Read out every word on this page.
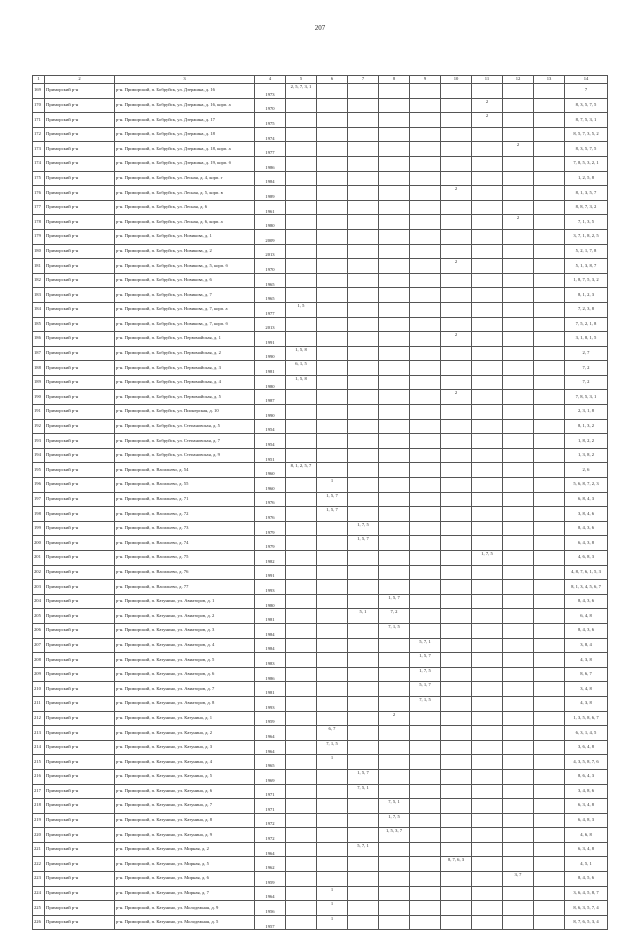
207
1	2	3	4	5	6	7	8	9	10	11	12	13	14
169	Приморский р-н	р-н. Приморский, п. Бобруйск, ул. Дзержина, д. 16	1973	2, 5, 7, 3, 1									7
170	Приморский р-н	р-н. Приморский, п. Бобруйск, ул. Дзержина, д. 16, корп. а	1970							2			8, 3, 5, 7, 5
171	Приморский р-н	р-н. Приморский, п. Бобруйск, ул. Дзержина, д. 17	1975							2			8, 7, 5, 3, 1
172	Приморский р-н	р-н. Приморский, п. Бобруйск, ул. Дзержина, д. 18	1974										8, 5, 7, 3, 5, 2
173	Приморский р-н	р-н. Приморский, п. Бобруйск, ул. Дзержина, д. 18, корп. а	1977								2		8, 3, 5, 7, 5
174	Приморский р-н	р-н. Приморский, п. Бобруйск, ул. Дзержина, д. 19, корп. б	1986										7, 8, 5, 3, 2, 1
175	Приморский р-н	р-н. Приморский, п. Бобруйск, ул. Лесная, д. 4, корп. г	1984										1, 2, 5, 8
176	Приморский р-н	р-н. Приморский, п. Бобруйск, ул. Лесная, д. 5, корп. в	1989						2				8, 1, 3, 5, 7
177	Приморский р-н	р-н. Приморский, п. Бобруйск, ул. Лесная, д. 6	1961										8, 8, 7, 3, 2
178	Приморский р-н	р-н. Приморский, п. Бобруйск, ул. Лесная, д. 6, корп. а	1980								2		7, 1, 3, 5
179	Приморский р-н	р-н. Приморский, п. Бобруйск, ул. Новикова, д. 1	2009										3, 7, 1, 8, 2, 5
180	Приморский р-н	р-н. Приморский, п. Бобруйск, ул. Новикова, д. 2	2013										5, 2, 1, 7, 8
181	Приморский р-н	р-н. Приморский, п. Бобруйск, ул. Новикова, д. 5, корп. б	1970						2				5, 1, 3, 8, 7
182	Приморский р-н	р-н. Приморский, п. Бобруйск, ул. Новикова, д. 6	1965										1, 8, 7, 5, 3, 2
183	Приморский р-н	р-н. Приморский, п. Бобруйск, ул. Новикова, д. 7	1965										8, 1, 2, 3
184	Приморский р-н	р-н. Приморский, п. Бобруйск, ул. Новикова, д. 7, корп. а	1977	1, 5									7, 2, 3, 8
185	Приморский р-н	р-н. Приморский, п. Бобруйск, ул. Новикова, д. 7, корп. б	2013										7, 5, 2, 1, 8
186	Приморский р-н	р-н. Приморский, п. Бобруйск, ул. Первомайская, д. 1	1991						2				3, 1, 8, 1, 5
187	Приморский р-н	р-н. Приморский, п. Бобруйск, ул. Первомайская, д. 2	1990	1, 5, 8									2, 7
188	Приморский р-н	р-н. Приморский, п. Бобруйск, ул. Первомайская, д. 3	1981	6, 1, 5									7, 2
189	Приморский р-н	р-н. Приморский, п. Бобруйск, ул. Первомайская, д. 4	1980	1, 5, 8									7, 2
190	Приморский р-н	р-н. Приморский, п. Бобруйск, ул. Первомайская, д. 5	1987						2				7, 8, 5, 3, 1
191	Приморский р-н	р-н. Приморский, п. Бобруйск, ул. Пионерская, д. 10	1990										2, 3, 1, 8
192	Приморский р-н	р-н. Приморский, п. Бобруйск, ул. Степановская, д. 5	1954										8, 1, 3, 2
193	Приморский р-н	р-н. Приморский, п. Бобруйск, ул. Степановская, д. 7	1954										1, 8, 2, 2
194	Приморский р-н	р-н. Приморский, п. Бобруйск, ул. Степановская, д. 9	1951										1, 3, 8, 2
195	Приморский р-н	р-н. Приморский, п. Васильево, д. 54	1960	8, 1, 2, 5, 7									2, 6
196	Приморский р-н	р-н. Приморский, п. Васильево, д. 55	1960		1								5, 6, 8, 7, 2, 3
197	Приморский р-н	р-н. Приморский, п. Васильево, д. 71	1976		1, 5, 7								6, 8, 4, 3
198	Приморский р-н	р-н. Приморский, п. Васильево, д. 72	1976		1, 5, 7								3, 8, 4, 6
199	Приморский р-н	р-н. Приморский, п. Васильево, д. 73	1979			1, 7, 5							8, 4, 3, 6
200	Приморский р-н	р-н. Приморский, п. Васильево, д. 74	1979			1, 5, 7							6, 4, 3, 8
201	Приморский р-н	р-н. Приморский, п. Васильево, д. 75	1982							1, 7, 5			4, 6, 8, 3
202	Приморский р-н	р-н. Приморский, п. Васильево, д. 76	1991										4, 8, 7, 6, 1, 5, 3
203	Приморский р-н	р-н. Приморский, п. Васильево, д. 77	1993										8, 1, 3, 4, 5, 6, 7
204	Приморский р-н	р-н. Приморский, п. Катунино, ул. Авиаторов, д. 1	1980				1, 5, 7						8, 4, 3, 6
205	Приморский р-н	р-н. Приморский, п. Катунино, ул. Авиаторов, д. 2	1981			5, 1	7, 2						6, 4, 8
206	Приморский р-н	р-н. Приморский, п. Катунино, ул. Авиаторов, д. 3	1984				7, 1, 5						8, 4, 3, 6
207	Приморский р-н	р-н. Приморский, п. Катунино, ул. Авиаторов, д. 4	1984					5, 7, 1					3, 8, 4
208	Приморский р-н	р-н. Приморский, п. Катунино, ул. Авиаторов, д. 5	1983					1, 5, 7					4, 3, 8
209	Приморский р-н	р-н. Приморский, п. Катунино, ул. Авиаторов, д. 6	1986					1, 7, 5					8, 6, 7
210	Приморский р-н	р-н. Приморский, п. Катунино, ул. Авиаторов, д. 7	1981					5, 1, 7					3, 4, 8
211	Приморский р-н	р-н. Приморский, п. Катунино, ул. Авиаторов, д. 8	1993					7, 1, 5					4, 3, 8
212	Приморский р-н	р-н. Приморский, п. Катунино, ул. Катунина, д. 1	1959				2						1, 3, 5, 8, 6, 7
213	Приморский р-н	р-н. Приморский, п. Катунино, ул. Катунина, д. 2	1964		6, 7								6, 3, 1, 4, 5
214	Приморский р-н	р-н. Приморский, п. Катунино, ул. Катунина, д. 3	1964		7, 1, 5								3, 6, 4, 8
215	Приморский р-н	р-н. Приморский, п. Катунино, ул. Катунина, д. 4	1965		1								4, 3, 5, 8, 7, 6
216	Приморский р-н	р-н. Приморский, п. Катунино, ул. Катунина, д. 5	1969			1, 5, 7							8, 6, 4, 3
217	Приморский р-н	р-н. Приморский, п. Катунино, ул. Катунина, д. 6	1971			7, 5, 1							3, 4, 8, 6
218	Приморский р-н	р-н. Приморский, п. Катунино, ул. Катунина, д. 7	1971				7, 5, 1						6, 3, 4, 8
219	Приморский р-н	р-н. Приморский, п. Катунино, ул. Катунина, д. 8	1972				1, 7, 5						6, 4, 8, 3
220	Приморский р-н	р-н. Приморский, п. Катунино, ул. Катунина, д. 9	1972				1, 5, 3, 7						4, 6, 8
221	Приморский р-н	р-н. Приморский, п. Катунино, ул. Мирная, д. 2	1964			5, 7, 1							6, 3, 4, 8
222	Приморский р-н	р-н. Приморский, п. Катунино, ул. Мирная, д. 5	1962						8, 7, 6, 3				4, 5, 1
223	Приморский р-н	р-н. Приморский, п. Катунино, ул. Мирная, д. 6	1959								3, 7		8, 4, 5, 6
224	Приморский р-н	р-н. Приморский, п. Катунино, ул. Мирная, д. 7	1964		1								3, 6, 4, 5, 8, 7
225	Приморский р-н	р-н. Приморский, п. Катунино, ул. Молодежная, д. 9	1956		1								8, 6, 3, 5, 7, 4
226	Приморский р-н	р-н. Приморский, п. Катунино, ул. Молодежная, д. 5	1957		1								8, 7, 6, 5, 3, 4
